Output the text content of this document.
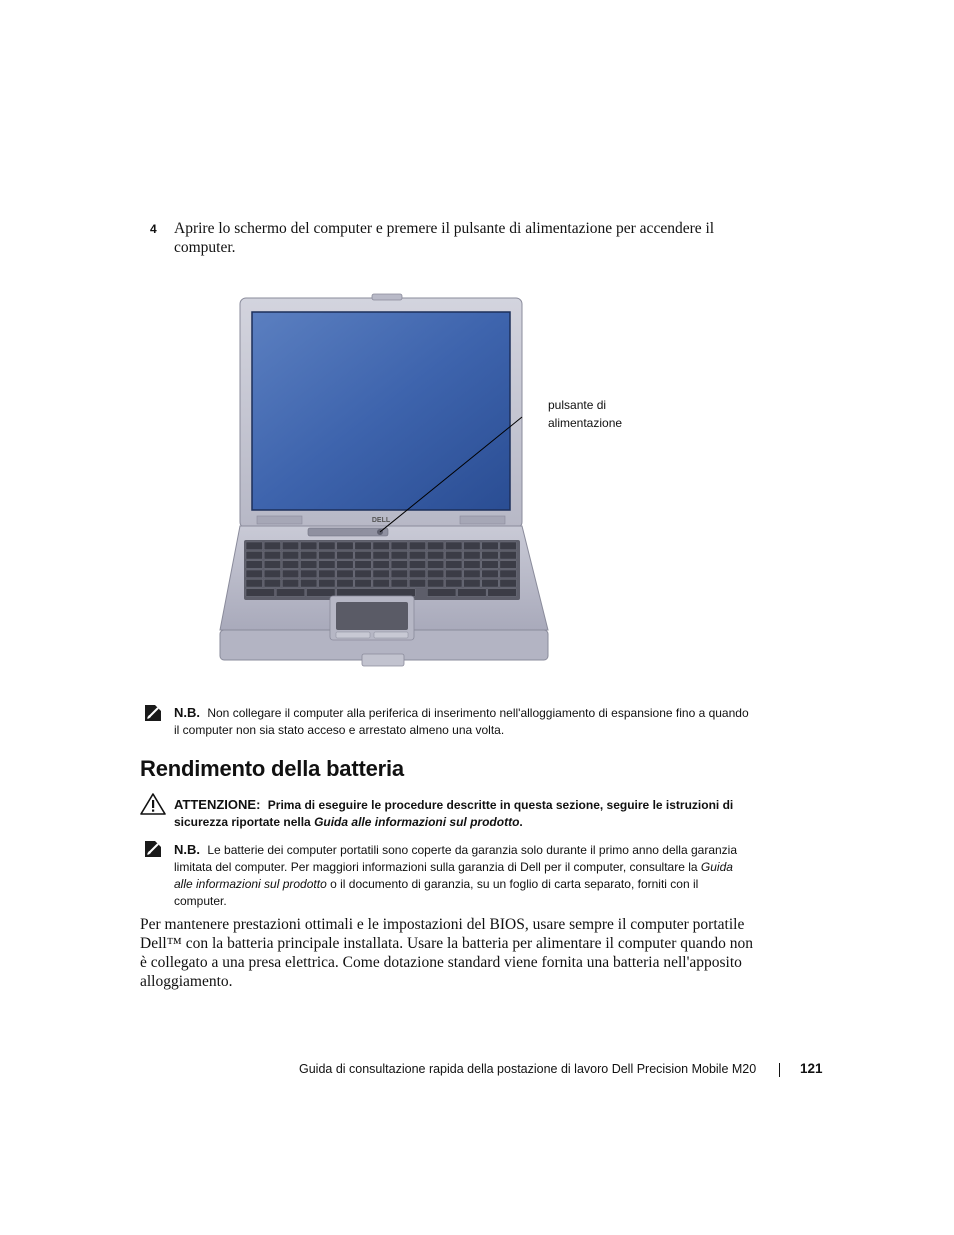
4 Aprire lo schermo del computer e premere il pulsante di alimentazione per accendere il computer.
DELL
pulsante di
alimentazione
N.B. Non collegare il computer alla periferica di inserimento nell'alloggiamento di espansione fino a quando il computer non sia stato acceso e arrestato almeno una volta.
Rendimento della batteria
ATTENZIONE: Prima di eseguire le procedure descritte in questa sezione, seguire le istruzioni di sicurezza riportate nella Guida alle informazioni sul prodotto.
N.B. Le batterie dei computer portatili sono coperte da garanzia solo durante il primo anno della garanzia limitata del computer. Per maggiori informazioni sulla garanzia di Dell per il computer, consultare la Guida alle informazioni sul prodotto o il documento di garanzia, su un foglio di carta separato, forniti con il computer.
Per mantenere prestazioni ottimali e le impostazioni del BIOS, usare sempre il computer portatile Dell™ con la batteria principale installata. Usare la batteria per alimentare il computer quando non è collegato a una presa elettrica. Come dotazione standard viene fornita una batteria nell'apposito alloggiamento.
Guida di consultazione rapida della postazione di lavoro Dell Precision Mobile M20	121
